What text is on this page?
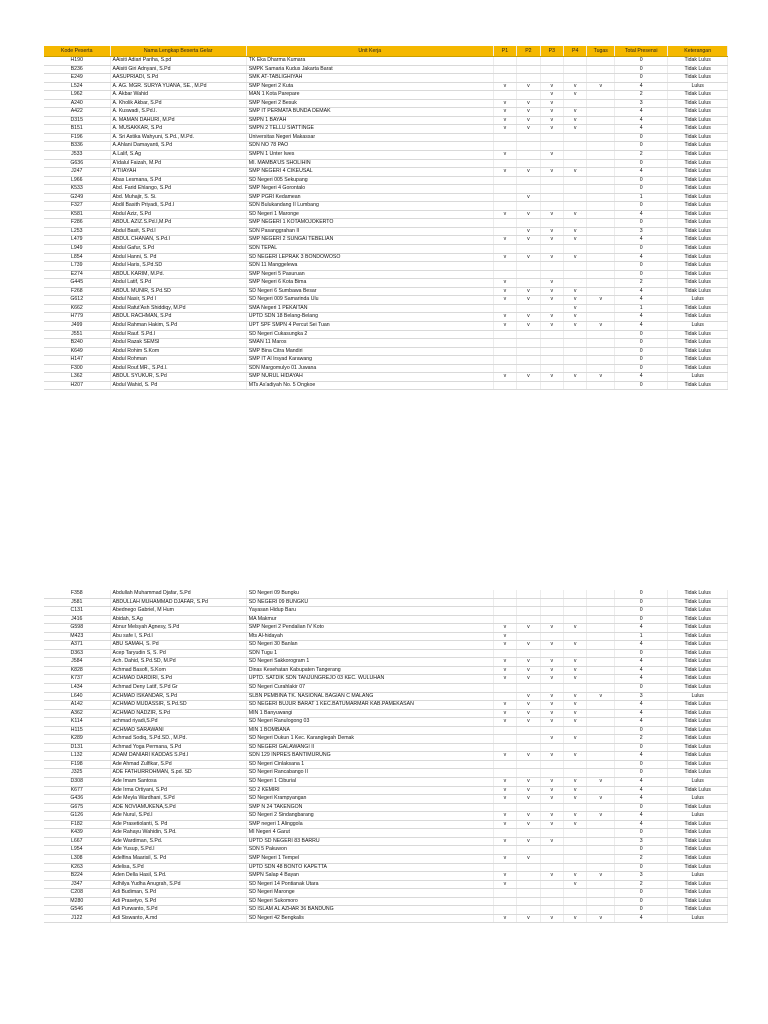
Kode Peserta	Nama Lengkap Beserta Gelar	Unit Kerja	P1	P2	P3	P4	Tugas	Total Presensi	Keterangan
H190	AAisiti Adiari Pariha, S.pd	TK Eka Dharma Kumara						0	Tidak Lulus
B236	AAisiti Giri Adnyani, S.Pd	SMPK Samaria Kudus Jakarta Barat						0	Tidak Lulus
E249	AASUPRIADI, S.Pd	SMK AT-TABLIGHIYAH						0	Tidak Lulus
L524	A. AG. MGR. SURYA YUANA, SE., M.Pd	SMP Negeri 2 Kuta	v	v	v	v	v	4	Lulus
L962	A. Akbar Wahid	MAN 1 Kota Parepare			v	v		2	Tidak Lulus
A240	A. Kholik Akbar, S.Pd	SMP Negeri 2 Besuk	v	v	v			3	Tidak Lulus
A422	A. Kuswadi, S.Pd.I.	SMP IT PERMATA BUNDA DEMAK	v	v	v	v		4	Tidak Lulus
D315	A. MAMAN DAHURI, M.Pd	SMPN 1 BAYAH	v	v	v	v		4	Tidak Lulus
B151	A. MUSAKKAR, S.Pd	SMPN 2 TELLU SIATTINGE	v	v	v	v		4	Tidak Lulus
F196	A. Sri Astika Wahyuni, S.Pd., M.Pd.	Universitas Negeri Makassar						0	Tidak Lulus
B336	A.Ahlani Damayanti, S.Pd	SDN NO 78 PAO						0	Tidak Lulus
J533	A.Lalif, S.Ag	SMPN 1 Unter Iwes	v		v			2	Tidak Lulus
G636	A'idalul Faizah, M.Pd	MI. MAMBA'US SHOLIHIN						0	Tidak Lulus
J247	A'TIIAYAH	SMP NEGERI 4 CIKEUSAL	v	v	v	v		4	Tidak Lulus
L966	Abas Lesmana, S.Pd	SD Negeri 005 Sekupang						0	Tidak Lulus
K533	Abd. Farid Ehlango, S.Pd	SMP Negeri 4 Gorontalo						0	Tidak Lulus
G249	Abd. Muhajir, S. Si.	SMP PGRI Kedamean		v				1	Tidak Lulus
F327	Abdil Basith Priyadi, S.Pd.I	SDN Bulukandang II Lumbang						0	Tidak Lulus
K581	Abdul Aziz, S.Pd	SD Negeri 1 Maronge	v	v	v	v		4	Tidak Lulus
F286	ABDUL AZIZ.S.Pd.I,M.Pd	SMP NEGERI 1 KOTAMOJOKERTO						0	Tidak Lulus
L253	Abdul Basit, S.Pd.I	SDN Pasanggrahan II		v	v	v		3	Tidak Lulus
L479	ABDUL CHANAN, S.Pd.I	SMP NEGERI 2 SUNGAI TEBELIAN	v	v	v	v		4	Tidak Lulus
L949	Abdul Gafur, S.Pd	SDN TEPAL						0	Tidak Lulus
L854	Abdul Hanni, S. Pd	SD NEGERI LEPRAK 3 BONDOWOSO	v	v	v	v		4	Tidak Lulus
L739	Abdul Haris, S.Pd.SD	SDN 11 Manggelewa						0	Tidak Lulus
E274	ABDUL KARIM, M.Pd.	SMP Negeri 5 Pasuruan						0	Tidak Lulus
G445	Abdul Latif, S.Pd	SMP Negeri 6 Kota Bima	v		v			2	Tidak Lulus
F268	ABDUL MUNIR, S.Pd.SD	SD Negeri 6 Sumbawa Besar	v	v	v	v		4	Tidak Lulus
G612	Abdul Nasir, S.Pd I	SD Negeri 009 Samarinda Ulu	v	v	v	v	v	4	Lulus
K662	Abdul Rafut'Ash Shiddiqy, M.Pd	SMA Negeri 1 PEKAITAN				v		1	Tidak Lulus
H779	ABDUL RACHMAN, S.Pd	UPTD SDN 18 Belang-Belang	v	v	v	v		4	Tidak Lulus
J499	Abdul Rahman Hakim, S.Pd	UPT SPF SMPN 4 Percut Sei Tuan	v	v	v	v	v	4	Lulus
J551	Abdul Rauf. S.Pd.I	SD Negeri Cukasungka 2						0	Tidak Lulus
B240	Abdul Razak SEMSI	SMAN 11 Maros						0	Tidak Lulus
K649	Abdul Rohim S.Kom	SMP Bina Citra Mandiri						0	Tidak Lulus
H147	Abdul Rohman	SMP IT Al Irsyad Karawang						0	Tidak Lulus
F300	Abdul Rouf.MR., S.Pd.I.	SDN Margomulyo 01 Juwana						0	Tidak Lulus
L362	ABDUL SYUKUR, S.Pd	SMP NURUL HIDAYAH	v	v	v	v	v	4	Lulus
H207	Abdul Wahid, S. Pd	MTs As'adiyah No. 5 Ongkoe						0	Tidak Lulus
F358	Abdullah Muhammad Djafar, S.Pd	SD Negeri 09 Bungku						0	Tidak Lulus
J581	ABDULLAH MUHAMMAD DJAFAR, S.Pd	SD NEGERI 09 BUNGKU						0	Tidak Lulus
C131	Abednego Gabriel, M Hum	Yayasan Hidup Baru						0	Tidak Lulus
J416	Abidah, S.Ag	MA Makmur						0	Tidak Lulus
G598	Abnur Melsyah Agnesy, S.Pd	SMP Negeri 2 Pendalian IV Koto	v	v	v	v		4	Tidak Lulus
M423	Abu safe I, S.Pd.I	Mts Al-hidayah	v					1	Tidak Lulus
A371	ABU SAMAH, S. Pd	SD Negeri 30 Banlan	v	v	v	v		4	Tidak Lulus
D363	Acep Taryudin S, S. Pd	SDN Tugu 1						0	Tidak Lulus
J584	Ach. Dahid, S.Pd.SD, M.Pd	SD Negeri Sakkorogram 1	v	v	v	v		4	Tidak Lulus
K828	Achmad Basofi, S.Kom	Dinas Kesehatan Kabupaten Tangerang	v	v	v	v		4	Tidak Lulus
K737	ACHMAD DARDIRI, S.Pd	UPTD. SATDIK SDN TANJUNGREJO 03 KEC. WULUHAN	v	v	v	v		4	Tidak Lulus
L434	Achmad Deny Latif, S.Pd Gr	SD Negeri Curahlakir 07						0	Tidak Lulus
L640	ACHMAD ISKANDAR, S.Pd	SLBN PEMBINA TK. NASIONAL BAGIAN C MALANG		v	v	v	v	3	Lulus
A142	ACHMAD MUDASSIR, S.Pd.SD	SD NEGERI BUJUR BARAT 1 KEC.BATUMARMAR KAB.PAMEKASAN	v	v	v	v		4	Tidak Lulus
A362	ACHMAD NADZIR, S.Pd	MIN 1 Banyuwangi	v	v	v	v		4	Tidak Lulus
K114	achmad riyadi,S.Pd	SD Negeri Ranulogong 03	v	v	v	v		4	Tidak Lulus
H115	ACHMAD SARAWANI	MIN 1 BOMBANA						0	Tidak Lulus
K289	Achmad Sodiq, S.Pd.SD., M.Pd.	SD Negeri Dukun 1 Kec. Karanglegah Demak			v	v		2	Tidak Lulus
D131	Achmad Yoga Permana, S.Pd	SD NEGERI GALAWANGI II						0	Tidak Lulus
L132	ADAM DANIARI KADDAS S.Pd.I	SDN 129 INPRES BANTIMURUNG	v	v	v	v		4	Tidak Lulus
F198	Ade Ahmad Zulfikar, S.Pd	SD Negeri Cinlaksana 1						0	Tidak Lulus
J325	ADE FATHURROHMAN, S.pd. SD	SD Negeri Rancabango II						0	Tidak Lulus
D308	Ade Imam Santosa	SD Negeri 1 Ciburial	v	v	v	v	v	4	Lulus
K677	Ade Irma Ortiyani, S.Pd	SD 2 KEMIRI	v	v	v	v		4	Tidak Lulus
G436	Ade Meyla Wardhani, S.Pd	SD Negeri Krampyangan	v	v	v	v	v	4	Lulus
G675	ADE NOVIAMUKENA,S.Pd	SMP N 24 TAKENGON						0	Tidak Lulus
G126	Ade Nurul, S.Pd.I	SD Negeri 2 Sindangbarang	v	v	v	v	v	4	Lulus
F182	Ade Prasetiolanti, S. Pd	SMP negeri 1 Alinggola	v	v	v	v		4	Tidak Lulus
K439	Ade Rahayu Wahidin, S.Pd.	MI Negeri 4 Garut						0	Tidak Lulus
L667	Ade Wardiman, S.Pd.	UPTD SD NEGERI 83 BARRU	v	v	v			3	Tidak Lulus
L954	Ade Yusup, S.Pd.I	SDN 5 Pakuwon						0	Tidak Lulus
L308	Adelfina Maarisil, S. Pd	SMP Negeri 1 Tempel	v	v				2	Tidak Lulus
K263	Adelisa, S.Pd	UPTD SDN 48 BONTO KAPETTA						0	Tidak Lulus
B224	Aden Della Hasil, S.Pd.	SMPN Salap 4 Bayan	v		v	v	v	3	Lulus
J347	Adhilya Yudha Anugrah, S.Pd	SD Negeri 14 Pontianak Utara	v			v		2	Tidak Lulus
C208	Adi Budiman, S.Pd	SD Negeri Maronge						0	Tidak Lulus
M280	Adi Prasetyo, S.Pd	SD Negeri Sukomoro						0	Tidak Lulus
G546	Adi Purwanto, S.Pd	SD ISLAM AL AZHAR 36 BANDUNG						0	Tidak Lulus
J122	Adi Siswanto, A.md	SD Negeri 42 Bengkalis	v	v	v	v	v	4	Lulus
